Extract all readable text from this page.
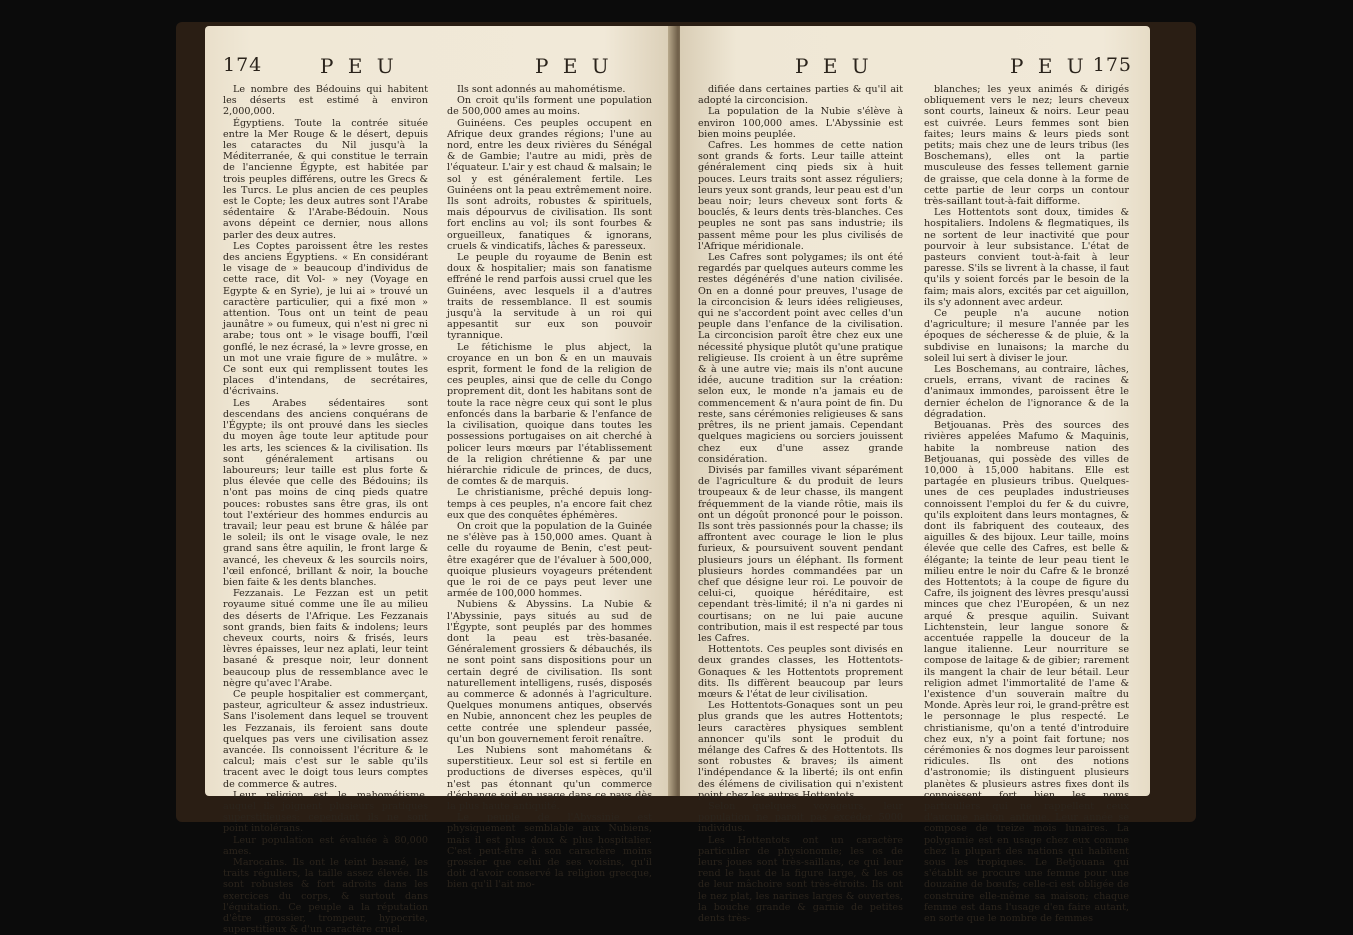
174	P E U	P E U

Le nombre des Bédouins qui habitent les déserts est estimé à environ 2,000,000.

Égyptiens. Toute la contrée située entre la Mer Rouge & le désert, depuis les cataractes du Nil jusqu'à la Méditerranée, & qui constitue le terrain de l'ancienne Égypte, est habitée par trois peuples différens, outre les Grecs & les Turcs. Le plus ancien de ces peuples est le Copte; les deux autres sont l'Arabe sédentaire & l'Arabe-Bédouin. Nous avons dépeint ce dernier, nous allons parler des deux autres.

Les Coptes paroissent être les restes des anciens Égyptiens. « En considérant le visage de » beaucoup d'individus de cette race, dit Vol- » ney (Voyage en Egypte & en Syrie), je lui ai » trouvé un caractère particulier, qui a fixé mon » attention. Tous ont un teint de peau jaunâtre » ou fumeux, qui n'est ni grec ni arabe; tous ont » le visage bouffi, l'œil gonflé, le nez écrasé, la » levre grosse, en un mot une vraie figure de » mulâtre. » Ce sont eux qui remplissent toutes les places d'intendans, de secrétaires, d'écrivains.

Les Arabes sédentaires sont descendans des anciens conquérans de l'Égypte; ils ont prouvé dans les siecles du moyen âge toute leur aptitude pour les arts, les sciences & la civilisation. Ils sont généralement artisans ou laboureurs; leur taille est plus forte & plus élevée que celle des Bédouins; ils n'ont pas moins de cinq pieds quatre pouces: robustes sans être gras, ils ont tout l'extérieur des hommes endurcis au travail; leur peau est brune & hâlée par le soleil; ils ont le visage ovale, le nez grand sans être aquilin, le front large & avancé, les cheveux & les sourcils noirs, l'œil enfoncé, brillant & noir, la bouche bien faite & les dents blanches.

Fezzanais. Le Fezzan est un petit royaume situé comme une île au milieu des déserts de l'Afrique. Les Fezzanais sont grands, bien faits & indolens; leurs cheveux courts, noirs & frisés, leurs lèvres épaisses, leur nez aplati, leur teint basané & presque noir, leur donnent beaucoup plus de ressemblance avec le nègre qu'avec l'Arabe.

Ce peuple hospitalier est commerçant, pasteur, agriculteur & assez industrieux. Sans l'isolement dans lequel se trouvent les Fezzanais, ils feroient sans doute quelques pas vers une civilisation assez avancée. Ils connoissent l'écriture & le calcul; mais c'est sur le sable qu'ils tracent avec le doigt tous leurs comptes de commerce & autres.

Leur religion est le mahométisme, auquel ils joignent plusieurs pratiques superstitieuses; cependant ils ne sont point intolérans.

Leur population est évaluée à 80,000 ames.

Marocains. Ils ont le teint basané, les traits réguliers, la taille assez élevée. Ils sont robustes & fort adroits dans les exercices du corps, & surtout dans l'équitation. Ce peuple a la réputation d'être grossier, trompeur, hypocrite, superstitieux & d'un caractère cruel.

Ils sont adonnés au mahométisme.

On croit qu'ils forment une population de 500,000 ames au moins.

Guinéens. Ces peuples occupent en Afrique deux grandes régions; l'une au nord, entre les deux rivières du Sénégal & de Gambie; l'autre au midi, près de l'équateur. L'air y est chaud & malsain; le sol y est généralement fertile. Les Guinéens ont la peau extrêmement noire. Ils sont adroits, robustes & spirituels, mais dépourvus de civilisation. Ils sont fort enclins au vol; ils sont fourbes & orgueilleux, fanatiques & ignorans, cruels & vindicatifs, lâches & paresseux.

Le peuple du royaume de Benin est doux & hospitalier; mais son fanatisme effréné le rend parfois aussi cruel que les Guinéens, avec lesquels il a d'autres traits de ressemblance. Il est soumis jusqu'à la servitude à un roi qui appesantit sur eux son pouvoir tyrannique.

Le fétichisme le plus abject, la croyance en un bon & en un mauvais esprit, forment le fond de la religion de ces peuples, ainsi que de celle du Congo proprement dit, dont les habitans sont de toute la race nègre ceux qui sont le plus enfoncés dans la barbarie & l'enfance de la civilisation, quoique dans toutes les possessions portugaises on ait cherché à policer leurs mœurs par l'établissement de la religion chrétienne & par une hiérarchie ridicule de princes, de ducs, de comtes & de marquis.

Le christianisme, prêché depuis long-temps à ces peuples, n'a encore fait chez eux que des conquêtes éphémères.

On croit que la population de la Guinée ne s'élève pas à 150,000 ames. Quant à celle du royaume de Benin, c'est peut-être exagérer que de l'évaluer à 500,000, quoique plusieurs voyageurs prétendent que le roi de ce pays peut lever une armée de 100,000 hommes.

Nubiens & Abyssins. La Nubie & l'Abyssinie, pays situés au sud de l'Égypte, sont peuplés par des hommes dont la peau est très-basanée. Généralement grossiers & débauchés, ils ne sont point sans dispositions pour un certain degré de civilisation. Ils sont naturellement intelligens, rusés, disposés au commerce & adonnés à l'agriculture. Quelques monumens antiques, observés en Nubie, annoncent chez les peuples de cette contrée une splendeur passée, qu'un bon gouvernement feroit renaître.

Les Nubiens sont mahométans & superstitieux. Leur sol est si fertile en productions de diverses espèces, qu'il n'est pas étonnant qu'un commerce d'échange soit en usage dans ce pays dès la plus haute antiquité.

Le peuple de l'Abyssinie est physiquement semblable aux Nubiens, mais il est plus doux & plus hospitalier. C'est peut-être à son caractère moins grossier que celui de ses voisins, qu'il doit d'avoir conservé la religion grecque, bien qu'il l'ait mo-

P E U	P E U 175

difiée dans certaines parties & qu'il ait adopté la circoncision.

La population de la Nubie s'élève à environ 100,000 ames. L'Abyssinie est bien moins peuplée.

Cafres. Les hommes de cette nation sont grands & forts. Leur taille atteint généralement cinq pieds six à huit pouces. Leurs traits sont assez réguliers; leurs yeux sont grands, leur peau est d'un beau noir; leurs cheveux sont forts & bouclés, & leurs dents très-blanches. Ces peuples ne sont pas sans industrie; ils passent même pour les plus civilisés de l'Afrique méridionale.

Les Cafres sont polygames; ils ont été regardés par quelques auteurs comme les restes dégénérés d'une nation civilisée. On en a donné pour preuves, l'usage de la circoncision & leurs idées religieuses, qui ne s'accordent point avec celles d'un peuple dans l'enfance de la civilisation. La circoncision paroît être chez eux une nécessité physique plutôt qu'une pratique religieuse. Ils croient à un être suprême & à une autre vie; mais ils n'ont aucune idée, aucune tradition sur la création: selon eux, le monde n'a jamais eu de commencement & n'aura point de fin. Du reste, sans cérémonies religieuses & sans prêtres, ils ne prient jamais. Cependant quelques magiciens ou sorciers jouissent chez eux d'une assez grande considération.

Divisés par familles vivant séparément de l'agriculture & du produit de leurs troupeaux & de leur chasse, ils mangent fréquemment de la viande rôtie, mais ils ont un dégoût prononcé pour le poisson. Ils sont très passionnés pour la chasse; ils affrontent avec courage le lion le plus furieux, & poursuivent souvent pendant plusieurs jours un éléphant. Ils forment plusieurs hordes commandées par un chef que désigne leur roi. Le pouvoir de celui-ci, quoique héréditaire, est cependant très-limité; il n'a ni gardes ni courtisans; on ne lui paie aucune contribution, mais il est respecté par tous les Cafres.

Hottentots. Ces peuples sont divisés en deux grandes classes, les Hottentots-Gonaques & les Hottentots proprement dits. Ils diffèrent beaucoup par leurs mœurs & l'état de leur civilisation.

Les Hottentots-Gonaques sont un peu plus grands que les autres Hottentots; leurs caractères physiques semblent annoncer qu'ils sont le produit du mélange des Cafres & des Hottentots. Ils sont robustes & braves; ils aiment l'indépendance & la liberté; ils ont enfin des élémens de civilisation qui n'existent point chez les autres Hottentots.

Selon quelques voyageurs, leur population ne paroit pas excéder 5000 individus.

Les Hottentots ont un caractère particulier de physionomie; les os de leurs joues sont très-saillans, ce qui leur rend le haut de la figure large, & les os de leur mâchoire sont très-étroits. Ils ont le nez plat, les narines larges & ouvertes, la bouche grande & garnie de petites dents très-

blanches; les yeux animés & dirigés obliquement vers le nez; leurs cheveux sont courts, laineux & noirs. Leur peau est cuivrée. Leurs femmes sont bien faites; leurs mains & leurs pieds sont petits; mais chez une de leurs tribus (les Boschemans), elles ont la partie musculeuse des fesses tellement garnie de graisse, que cela donne à la forme de cette partie de leur corps un contour très-saillant tout-à-fait difforme.

Les Hottentots sont doux, timides & hospitaliers. Indolens & flegmatiques, ils ne sortent de leur inactivité que pour pourvoir à leur subsistance. L'état de pasteurs convient tout-à-fait à leur paresse. S'ils se livrent à la chasse, il faut qu'ils y soient forcés par le besoin de la faim; mais alors, excités par cet aiguillon, ils s'y adonnent avec ardeur.

Ce peuple n'a aucune notion d'agriculture; il mesure l'année par les époques de sécheresse & de pluie, & la subdivise en lunaisons; la marche du soleil lui sert à diviser le jour.

Les Boschemans, au contraire, lâches, cruels, errans, vivant de racines & d'animaux immondes, paroissent être le dernier échelon de l'ignorance & de la dégradation.

Betjouanas. Près des sources des rivières appelées Mafumo & Maquinis, habite la nombreuse nation des Betjouanas, qui possède des villes de 10,000 à 15,000 habitans. Elle est partagée en plusieurs tribus. Quelques-unes de ces peuplades industrieuses connoissent l'emploi du fer & du cuivre, qu'ils exploitent dans leurs montagnes, & dont ils fabriquent des couteaux, des aiguilles & des bijoux. Leur taille, moins élevée que celle des Cafres, est belle & élégante; la teinte de leur peau tient le milieu entre le noir du Cafre & le bronzé des Hottentots; à la coupe de figure du Cafre, ils joignent des lèvres presqu'aussi minces que chez l'Européen, & un nez arqué & presque aquilin. Suivant Lichtenstein, leur langue sonore & accentuée rappelle la douceur de la langue italienne. Leur nourriture se compose de laitage & de gibier; rarement ils mangent la chair de leur bétail. Leur religion admet l'immortalité de l'ame & l'existence d'un souverain maître du Monde. Après leur roi, le grand-prêtre est le personnage le plus respecté. Le christianisme, qu'on a tenté d'introduire chez eux, n'y a point fait fortune; nos cérémonies & nos dogmes leur paroissent ridicules. Ils ont des notions d'astronomie; ils distinguent plusieurs planètes & plusieurs astres fixes dont ils connoissent fort bien les noms particuliers qui ne rappellent ceux d'aucune nation antique. Leur année se compose de treize mois lunaires. La polygamie est en usage chez eux comme chez la plupart des nations qui habitent sous les tropiques. Le Betjouana qui s'établit se procure une femme pour une douzaine de bœufs; celle-ci est obligée de construire elle-même sa maison; chaque femme est dans l'usage d'en faire autant, en sorte que le nombre de femmes
